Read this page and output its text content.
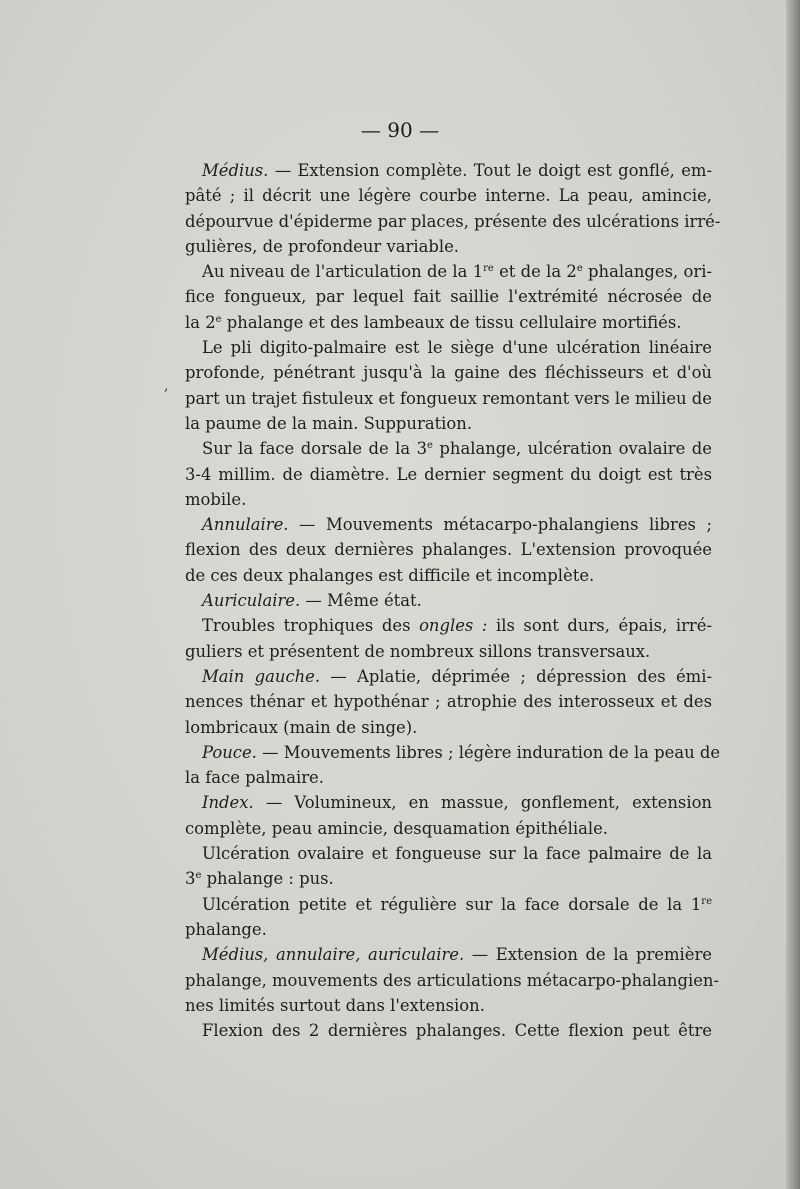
— 90 —
,
Médius. — Extension complète. Tout le doigt est gonflé, em-
pâté ; il décrit une légère courbe interne. La peau, amincie,
dépourvue d'épiderme par places, présente des ulcérations irré-
gulières, de profondeur variable.
Au niveau de l'articulation de la 1re et de la 2e phalanges, ori-
fice fongueux, par lequel fait saillie l'extrémité nécrosée de
la 2e phalange et des lambeaux de tissu cellulaire mortifiés.
Le pli digito-palmaire est le siège d'une ulcération linéaire
profonde, pénétrant jusqu'à la gaine des fléchisseurs et d'où
part un trajet fistuleux et fongueux remontant vers le milieu de
la paume de la main. Suppuration.
Sur la face dorsale de la 3e phalange, ulcération ovalaire de
3-4 millim. de diamètre. Le dernier segment du doigt est très
mobile.
Annulaire. — Mouvements métacarpo-phalangiens libres ;
flexion des deux dernières phalanges. L'extension provoquée
de ces deux phalanges est difficile et incomplète.
Auriculaire. — Même état.
Troubles trophiques des ongles : ils sont durs, épais, irré-
guliers et présentent de nombreux sillons transversaux.
Main gauche. — Aplatie, déprimée ; dépression des émi-
nences thénar et hypothénar ; atrophie des interosseux et des
lombricaux (main de singe).
Pouce. — Mouvements libres ; légère induration de la peau de
la face palmaire.
Index. — Volumineux, en massue, gonflement, extension
complète, peau amincie, desquamation épithéliale.
Ulcération ovalaire et fongueuse sur la face palmaire de la
3e phalange : pus.
Ulcération petite et régulière sur la face dorsale de la 1re
phalange.
Médius, annulaire, auriculaire. — Extension de la première
phalange, mouvements des articulations métacarpo-phalangien-
nes limités surtout dans l'extension.
Flexion des 2 dernières phalanges. Cette flexion peut être
